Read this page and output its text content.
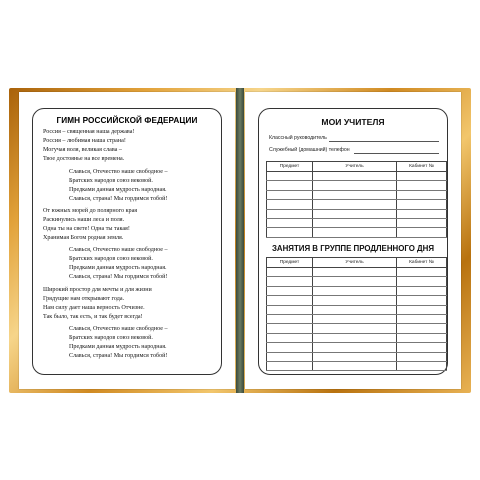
ГИМН РОССИЙСКОЙ ФЕДЕРАЦИИ
Россия – священная наша держава!
Россия – любимая наша страна!
Могучая воля, великая слава –
Твое достоянье на все времена.
Славься, Отечество наше свободное –
Братских народов союз вековой.
Предками данная мудрость народная.
Славься, страна! Мы гордимся тобой!
От южных морей до полярного края
Раскинулись наши леса и поля.
Одна ты на свете! Одна ты такая!
Хранимая Богом родная земля.
Славься, Отечество наше свободное –
Братских народов союз вековой.
Предками данная мудрость народная.
Славься, страна! Мы гордимся тобой!
Широкий простор для мечты и для жизни
Грядущие нам открывают года.
Нам силу дает наша верность Отчизне.
Так было, так есть, и так будет всегда!
Славься, Отечество наше свободное –
Братских народов союз вековой.
Предками данная мудрость народная.
Славься, страна! Мы гордимся тобой!
МОИ УЧИТЕЛЯ
Классный руководитель
Служебный (домашний) телефон
Предмет	Учитель	Кабинет №

ЗАНЯТИЯ В ГРУППЕ ПРОДЛЕННОГО ДНЯ
Предмет	Учитель	Кабинет №
